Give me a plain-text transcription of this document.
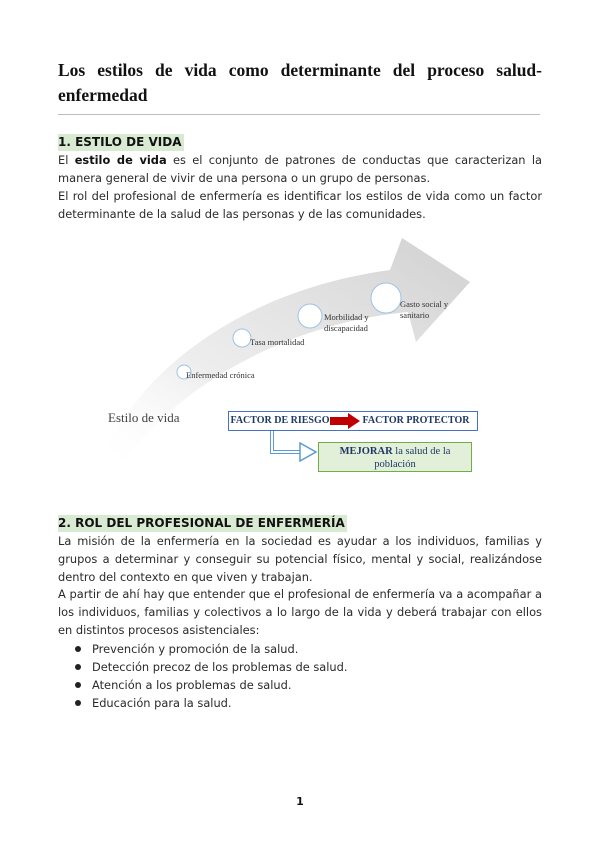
Los estilos de vida como determinante del proceso salud-enfermedad
1. ESTILO DE VIDA
El estilo de vida es el conjunto de patrones de conductas que caracterizan la manera general de vivir de una persona o un grupo de personas.
El rol del profesional de enfermería es identificar los estilos de vida como un factor determinante de la salud de las personas y de las comunidades.
Estilo de vida
Enfermedad crónica
Tasa mortalidad
Morbilidad y discapacidad
Gasto social y sanitario
FACTOR DE RIESGO	FACTOR PROTECTOR
MEJORAR la salud de la población
2. ROL DEL PROFESIONAL DE ENFERMERÍA
La misión de la enfermería en la sociedad es ayudar a los individuos, familias y grupos a determinar y conseguir su potencial físico, mental y social, realizándose dentro del contexto en que viven y trabajan.
A partir de ahí hay que entender que el profesional de enfermería va a acompañar a los individuos, familias y colectivos a lo largo de la vida y deberá trabajar con ellos en distintos procesos asistenciales:
Prevención y promoción de la salud.
Detección precoz de los problemas de salud.
Atención a los problemas de salud.
Educación para la salud.
1
